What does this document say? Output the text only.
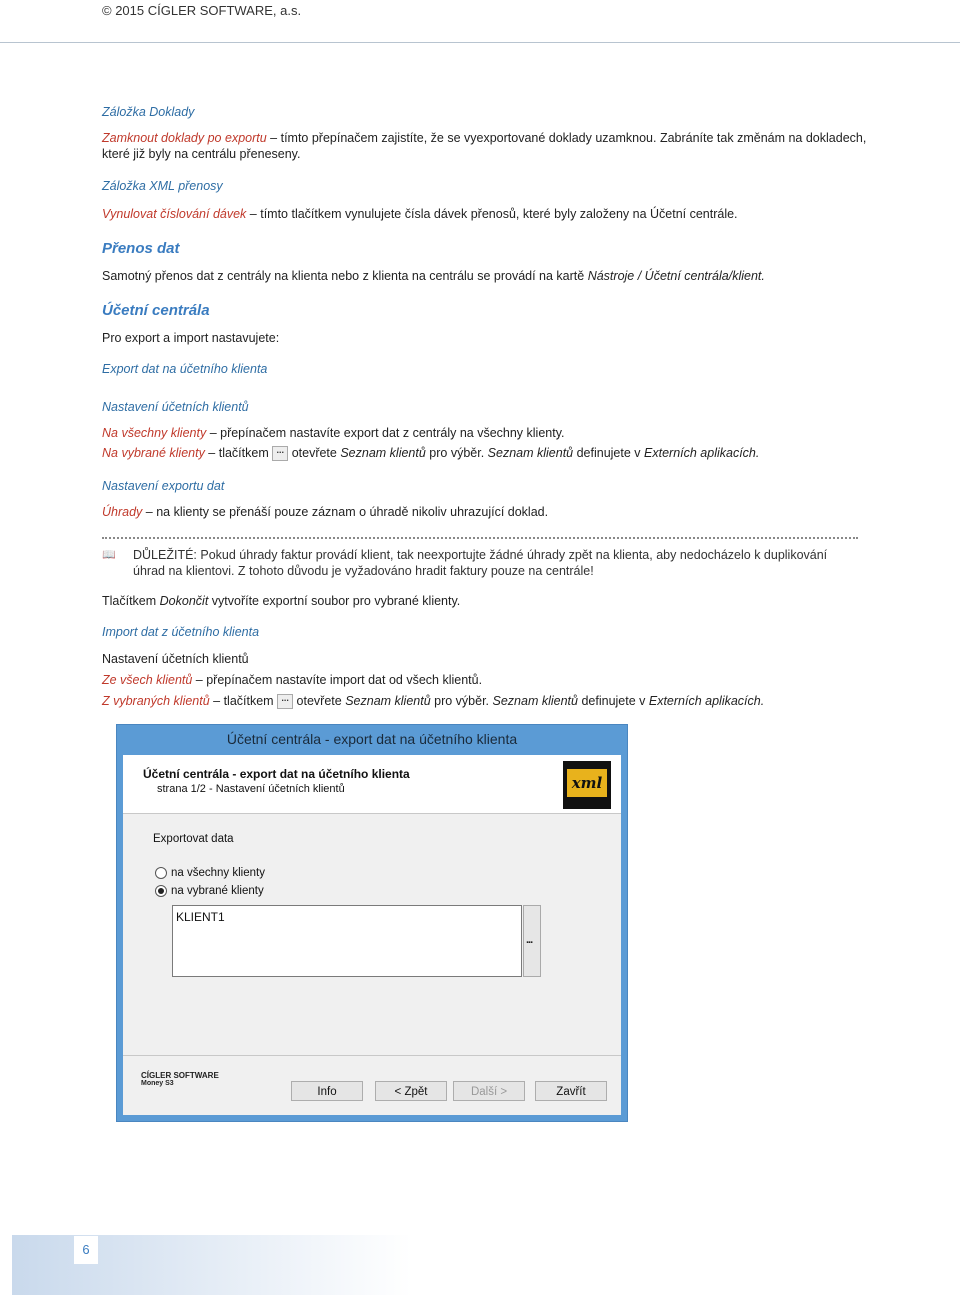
© 2015 CÍGLER SOFTWARE, a.s.
Záložka Doklady
Zamknout doklady po exportu – tímto přepínačem zajistíte, že se vyexportované doklady uzamknou. Zabráníte tak změnám na dokladech,
které již byly na centrálu přeneseny.
Záložka XML přenosy
Vynulovat číslování dávek – tímto tlačítkem vynulujete čísla dávek přenosů, které byly založeny na Účetní centrále.
Přenos dat
Samotný přenos dat z centrály na klienta nebo z klienta na centrálu se provádí na kartě Nástroje / Účetní centrála/klient.
Účetní centrála
Pro export a import nastavujete:
Export dat na účetního klienta
Nastavení účetních klientů
Na všechny klienty – přepínačem nastavíte export dat z centrály na všechny klienty.
Na vybrané klienty – tlačítkem ... otevřete Seznam klientů pro výběr. Seznam klientů definujete v Externích aplikacích.
Nastavení exportu dat
Úhrady – na klienty se přenáší pouze záznam o úhradě nikoliv uhrazující doklad.
📖 DŮLEŽITÉ: Pokud úhrady faktur provádí klient, tak neexportujte žádné úhrady zpět na klienta, aby nedocházelo k duplikování
úhrad na klientovi. Z tohoto důvodu je vyžadováno hradit faktury pouze na centrále!
Tlačítkem Dokončit vytvoříte exportní soubor pro vybrané klienty.
Import dat z účetního klienta
Nastavení účetních klientů
Ze všech klientů – přepínačem nastavíte import dat od všech klientů.
Z vybraných klientů – tlačítkem ... otevřete Seznam klientů pro výběr. Seznam klientů definujete v Externích aplikacích.
Účetní centrála - export dat na účetního klienta
Účetní centrála - export dat na účetního klienta
strana 1/2 - Nastavení účetních klientů	xml
Exportovat data
na všechny klienty
na vybrané klienty
KLIENT1
...
CÍGLER SOFTWARE
Money S3
Info	< Zpět	Další >	Zavřít
6
